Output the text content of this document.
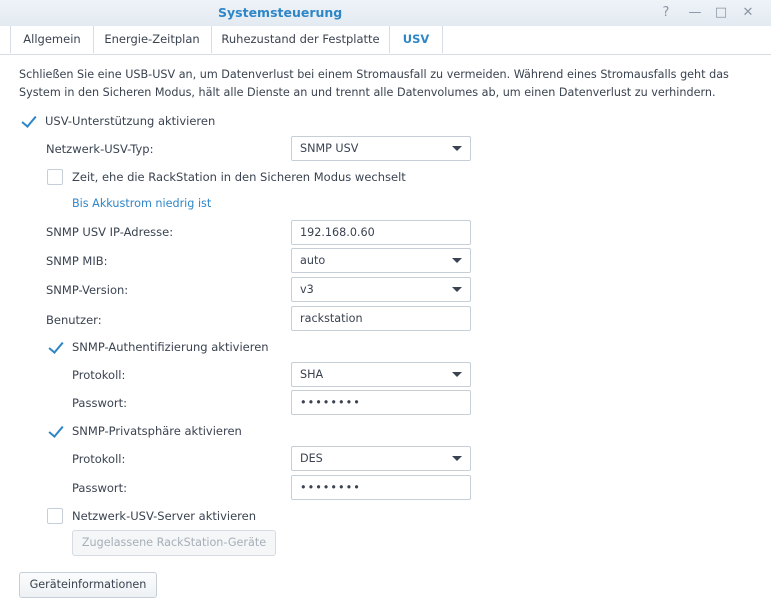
Systemsteuerung	?	— □ ✕
Allgemein	Energie-Zeitplan	Ruhezustand der Festplatte	USV
Schließen Sie eine USB-USV an, um Datenverlust bei einem Stromausfall zu vermeiden. Während eines Stromausfalls geht das System in den Sicheren Modus, hält alle Dienste an und trennt alle Datenvolumes ab, um einen Datenverlust zu verhindern.
USV-Unterstützung aktivieren
Netzwerk-USV-Typ:	SNMP USV
Zeit, ehe die RackStation in den Sicheren Modus wechselt
Bis Akkustrom niedrig ist
SNMP USV IP-Adresse:	192.168.0.60
SNMP MIB:	auto
SNMP-Version:	v3
Benutzer:	rackstation
SNMP-Authentifizierung aktivieren
Protokoll:	SHA
Passwort:	••••••••
SNMP-Privatsphäre aktivieren
Protokoll:	DES
Passwort:	••••••••
Netzwerk-USV-Server aktivieren
Zugelassene RackStation-Geräte
Geräteinformationen
